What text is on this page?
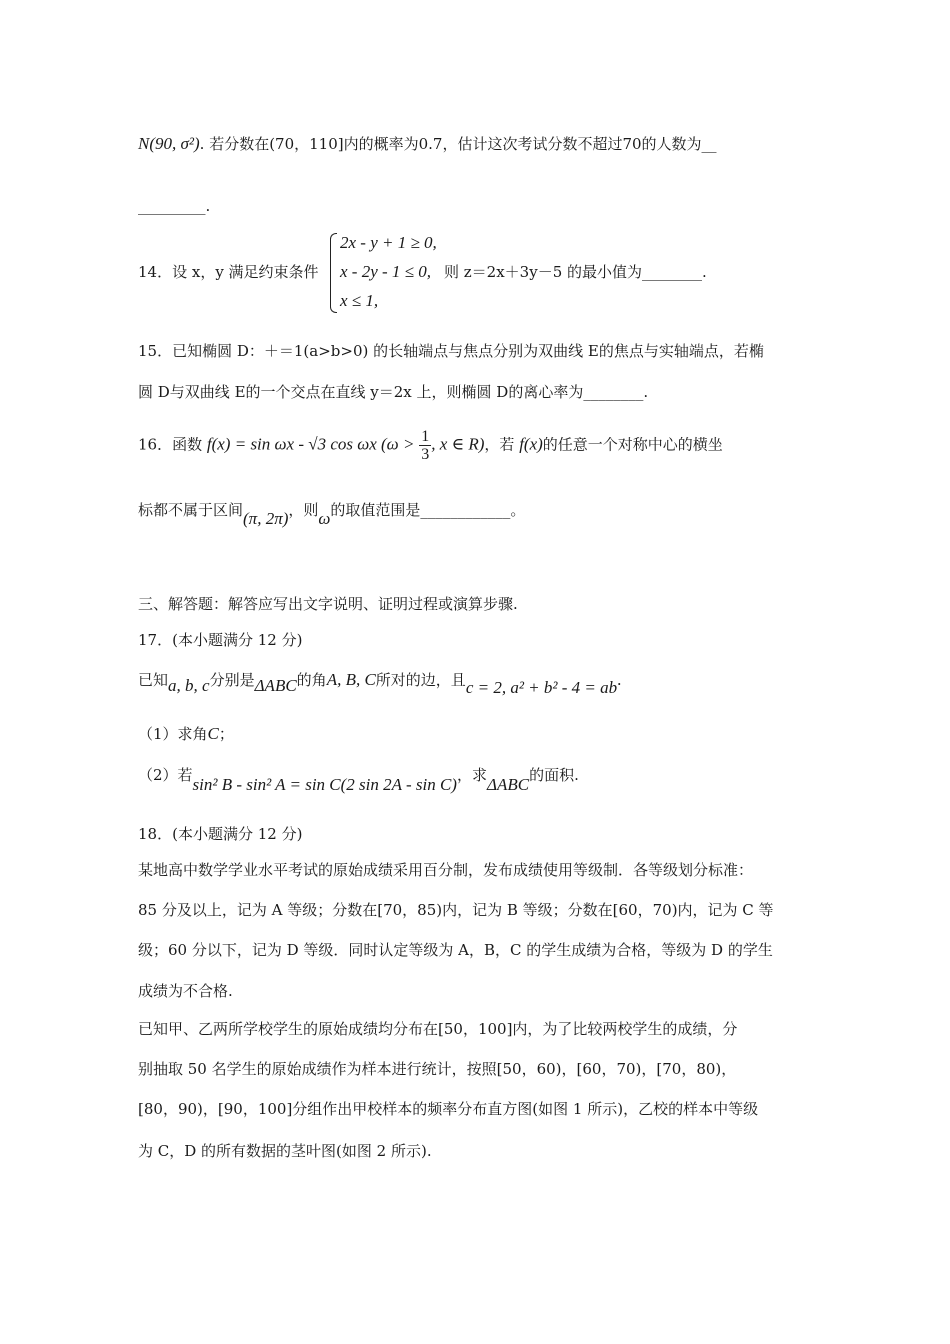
N(90, σ²). 若分数在(70，110]内的概率为0.7，估计这次考试分数不超过70的人数为__
_________.
14．设 x，y 满足约束条件
2x - y + 1 ≥ 0,
x - 2y - 1 ≤ 0,
x ≤ 1,
则 z＝2x＋3y－5 的最小值为________.
15．已知椭圆 D：＋＝1(a>b>0) 的长轴端点与焦点分别为双曲线 E的焦点与实轴端点，若椭
圆 D与双曲线 E的一个交点在直线 y＝2x 上，则椭圆 D的离心率为________.
16．函数 f(x) = sin ωx - √3 cos ωx ($\omega > \frac{1}{3}$ , x ∈ R)，若 f(x)的任意一个对称中心的横坐
标都不属于区间(π, 2π)，则ω的取值范围是____________。
三、解答题：解答应写出文字说明、证明过程或演算步骤.
17．(本小题满分 12 分)
已知a, b, c分别是ΔABC的角A, B, C所对的边，且c = 2, a² + b² - 4 = ab.
（1）求角C；
（2）若sin² B - sin² A = sin C(2 sin 2A - sin C)，求ΔABC的面积.
18．(本小题满分 12 分)
某地高中数学学业水平考试的原始成绩采用百分制，发布成绩使用等级制．各等级划分标准：
85 分及以上，记为 A 等级；分数在[70，85)内，记为 B 等级；分数在[60，70)内，记为 C 等
级；60 分以下，记为 D 等级．同时认定等级为 A，B，C 的学生成绩为合格，等级为 D 的学生
成绩为不合格.
已知甲、乙两所学校学生的原始成绩均分布在[50，100]内，为了比较两校学生的成绩，分
别抽取 50 名学生的原始成绩作为样本进行统计，按照[50，60)，[60，70)，[70，80)，
[80，90)，[90，100]分组作出甲校样本的频率分布直方图(如图 1 所示)，乙校的样本中等级
为 C，D 的所有数据的茎叶图(如图 2 所示).
